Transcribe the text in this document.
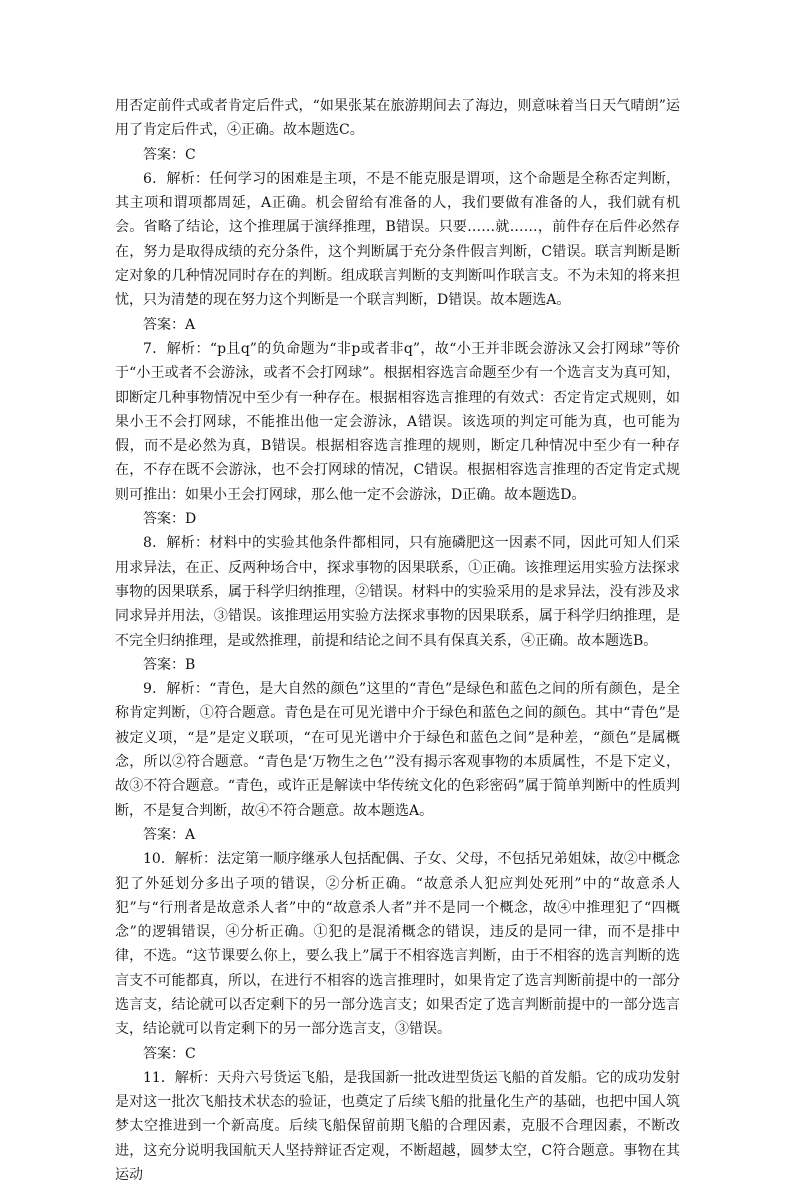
用否定前件式或者肯定后件式，“如果张某在旅游期间去了海边，则意味着当日天气晴朗”运用了肯定后件式，④正确。故本题选C。

答案：C

6．解析：任何学习的困难是主项，不是不能克服是谓项，这个命题是全称否定判断，其主项和谓项都周延，A正确。机会留给有准备的人，我们要做有准备的人，我们就有机会。省略了结论，这个推理属于演绎推理，B错误。只要……就……，前件存在后件必然存在，努力是取得成绩的充分条件，这个判断属于充分条件假言判断，C错误。联言判断是断定对象的几种情况同时存在的判断。组成联言判断的支判断叫作联言支。不为未知的将来担忧，只为清楚的现在努力这个判断是一个联言判断，D错误。故本题选A。

答案：A

7．解析：“p且q”的负命题为“非p或者非q”，故“小王并非既会游泳又会打网球”等价于“小王或者不会游泳，或者不会打网球”。根据相容选言命题至少有一个选言支为真可知，即断定几种事物情况中至少有一种存在。根据相容选言推理的有效式：否定肯定式规则，如果小王不会打网球，不能推出他一定会游泳，A错误。该选项的判定可能为真，也可能为假，而不是必然为真，B错误。根据相容选言推理的规则，断定几种情况中至少有一种存在，不存在既不会游泳，也不会打网球的情况，C错误。根据相容选言推理的否定肯定式规则可推出：如果小王会打网球，那么他一定不会游泳，D正确。故本题选D。

答案：D

8．解析：材料中的实验其他条件都相同，只有施磷肥这一因素不同，因此可知人们采用求异法，在正、反两种场合中，探求事物的因果联系，①正确。该推理运用实验方法探求事物的因果联系，属于科学归纳推理，②错误。材料中的实验采用的是求异法，没有涉及求同求异并用法，③错误。该推理运用实验方法探求事物的因果联系，属于科学归纳推理，是不完全归纳推理，是或然推理，前提和结论之间不具有保真关系，④正确。故本题选B。

答案：B

9．解析：“青色，是大自然的颜色”这里的“青色”是绿色和蓝色之间的所有颜色，是全称肯定判断，①符合题意。青色是在可见光谱中介于绿色和蓝色之间的颜色。其中“青色”是被定义项，“是”是定义联项，“在可见光谱中介于绿色和蓝色之间”是种差，“颜色”是属概念，所以②符合题意。“青色是‘万物生之色’”没有揭示客观事物的本质属性，不是下定义，故③不符合题意。“青色，或许正是解读中华传统文化的色彩密码”属于简单判断中的性质判断，不是复合判断，故④不符合题意。故本题选A。

答案：A

10．解析：法定第一顺序继承人包括配偶、子女、父母，不包括兄弟姐妹，故②中概念犯了外延划分多出子项的错误，②分析正确。“故意杀人犯应判处死刑”中的“故意杀人犯”与“行刑者是故意杀人者”中的“故意杀人者”并不是同一个概念，故④中推理犯了“四概念”的逻辑错误，④分析正确。①犯的是混淆概念的错误，违反的是同一律，而不是排中律，不选。“这节课要么你上，要么我上”属于不相容选言判断，由于不相容的选言判断的选言支不可能都真，所以，在进行不相容的选言推理时，如果肯定了选言判断前提中的一部分选言支，结论就可以否定剩下的另一部分选言支；如果否定了选言判断前提中的一部分选言支，结论就可以肯定剩下的另一部分选言支，③错误。

答案：C

11．解析：天舟六号货运飞船，是我国新一批改进型货运飞船的首发船。它的成功发射是对这一批次飞船技术状态的验证，也奠定了后续飞船的批量化生产的基础，也把中国人筑梦太空推进到一个新高度。后续飞船保留前期飞船的合理因素，克服不合理因素，不断改进，这充分说明我国航天人坚持辩证否定观，不断超越，圆梦太空，C符合题意。事物在其运动
